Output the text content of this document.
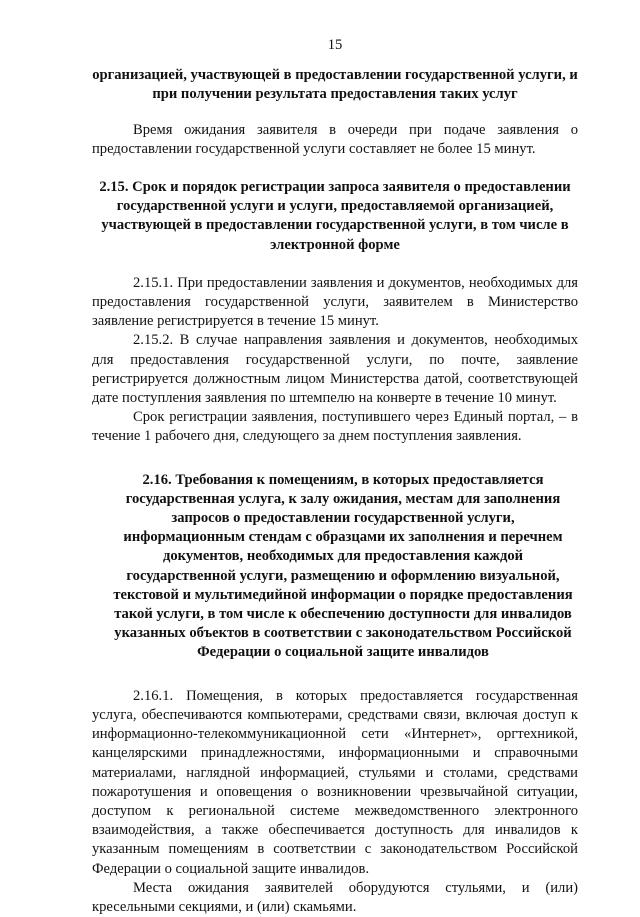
15
организацией, участвующей в предоставлении государственной услуги, и при получении результата предоставления таких услуг

Время ожидания заявителя в очереди при подаче заявления о предоставлении государственной услуги составляет не более 15 минут.

2.15. Срок и порядок регистрации запроса заявителя о предоставлении государственной услуги и услуги, предоставляемой организацией, участвующей в предоставлении государственной услуги, в том числе в электронной форме

2.15.1. При предоставлении заявления и документов, необходимых для предоставления государственной услуги, заявителем в Министерство заявление регистрируется в течение 15 минут.

2.15.2. В случае направления заявления и документов, необходимых для предоставления государственной услуги, по почте, заявление регистрируется должностным лицом Министерства датой, соответствующей дате поступления заявления по штемпелю на конверте в течение 10 минут.

Срок регистрации заявления, поступившего через Единый портал, – в течение 1 рабочего дня, следующего за днем поступления заявления.

2.16. Требования к помещениям, в которых предоставляется государственная услуга, к залу ожидания, местам для заполнения запросов о предоставлении государственной услуги, информационным стендам с образцами их заполнения и перечнем документов, необходимых для предоставления каждой государственной услуги, размещению и оформлению визуальной, текстовой и мультимедийной информации о порядке предоставления такой услуги, в том числе к обеспечению доступности для инвалидов указанных объектов в соответствии с законодательством Российской Федерации о социальной защите инвалидов

2.16.1. Помещения, в которых предоставляется государственная услуга, обеспечиваются компьютерами, средствами связи, включая доступ к информационно-телекоммуникационной сети «Интернет», оргтехникой, канцелярскими принадлежностями, информационными и справочными материалами, наглядной информацией, стульями и столами, средствами пожаротушения и оповещения о возникновении чрезвычайной ситуации, доступом к региональной системе межведомственного электронного взаимодействия, а также обеспечивается доступность для инвалидов к указанным помещениям в соответствии с законодательством Российской Федерации о социальной защите инвалидов.

Места ожидания заявителей оборудуются стульями, и (или) кресельными секциями, и (или) скамьями.
